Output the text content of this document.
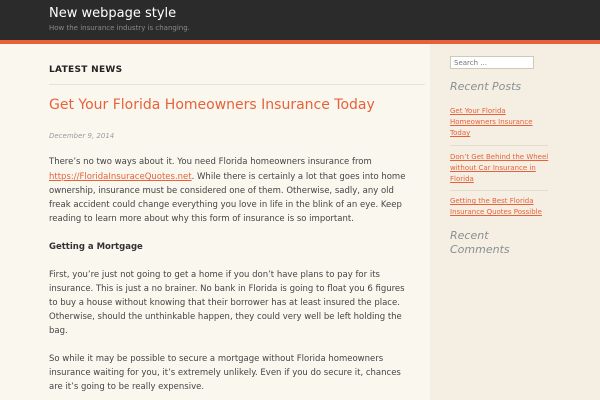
New webpage style
How the insurance industry is changing.
LATEST NEWS
Get Your Florida Homeowners Insurance Today
December 9, 2014
There’s no two ways about it. You need Florida homeowners insurance from
https://FloridaInsuraceQuotes.net. While there is certainly a lot that goes into home
ownership, insurance must be considered one of them. Otherwise, sadly, any old
freak accident could change everything you love in life in the blink of an eye. Keep
reading to learn more about why this form of insurance is so important.
Getting a Mortgage
First, you’re just not going to get a home if you don’t have plans to pay for its
insurance. This is just a no brainer. No bank in Florida is going to float you 6 figures
to buy a house without knowing that their borrower has at least insured the place.
Otherwise, should the unthinkable happen, they could very well be left holding the
bag.
So while it may be possible to secure a mortgage without Florida homeowners
insurance waiting for you, it’s extremely unlikely. Even if you do secure it, chances
are it’s going to be really expensive.
Search ...
Recent Posts
Get Your Florida
Homeowners Insurance
Today
Don’t Get Behind the Wheel
without Car Insurance in
Florida
Getting the Best Florida
Insurance Quotes Possible
Recent
Comments
